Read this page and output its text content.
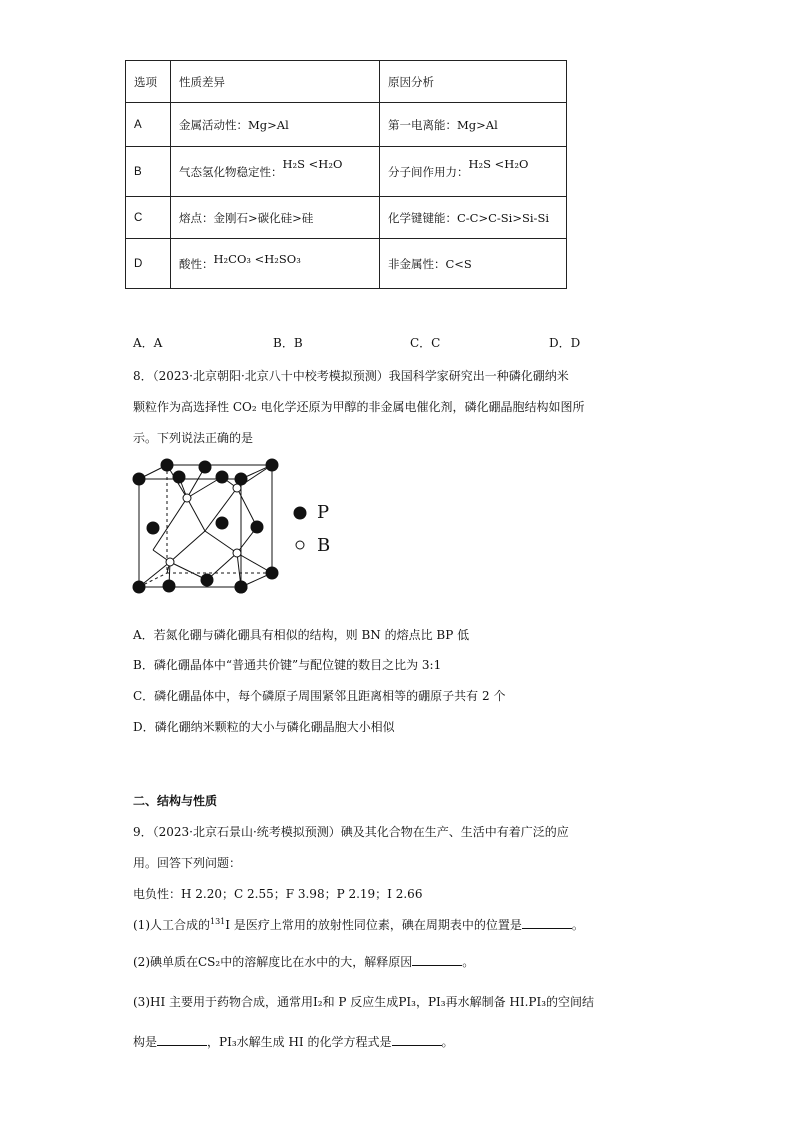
选项	性质差异	原因分析
A	金属活动性：Mg>Al	第一电离能：Mg>Al
B	气态氢化物稳定性：H₂S <H₂O	分子间作用力：H₂S <H₂O
C	熔点：金刚石>碳化硅>硅	化学键键能：C-C>C-Si>Si-Si
D	酸性：H₂CO₃ <H₂SO₃	非金属性：C<S
A．A	B．B	C．C	D．D
8．（2023·北京朝阳·北京八十中校考模拟预测）我国科学家研究出一种磷化硼纳米
颗粒作为高选择性 CO₂ 电化学还原为甲醇的非金属电催化剂，磷化硼晶胞结构如图所
示。下列说法正确的是
P
B
A．若氮化硼与磷化硼具有相似的结构，则 BN 的熔点比 BP 低
B．磷化硼晶体中“普通共价键”与配位键的数目之比为 3:1
C．磷化硼晶体中，每个磷原子周围紧邻且距离相等的硼原子共有 2 个
D．磷化硼纳米颗粒的大小与磷化硼晶胞大小相似
二、结构与性质
9．（2023·北京石景山·统考模拟预测）碘及其化合物在生产、生活中有着广泛的应
用。回答下列问题：
电负性：H 2.20；C 2.55；F 3.98；P 2.19；I 2.66
(1)人工合成的$^{131}$I 是医疗上常用的放射性同位素，碘在周期表中的位置是	。
(2)碘单质在CS₂中的溶解度比在水中的大，解释原因	。
(3)HI 主要用于药物合成，通常用I₂和 P 反应生成PI₃，PI₃再水解制备 HI.PI₃的空间结
构是	，PI₃水解生成 HI 的化学方程式是	。
